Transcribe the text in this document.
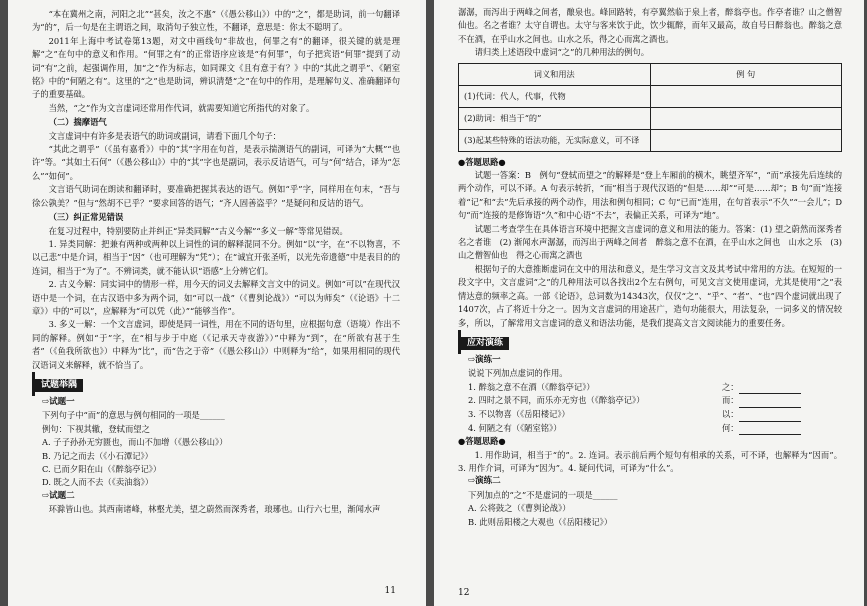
“本在冀州之南，河阳之北”“甚矣，汝之不惠”（《愚公移山》）中的“之”，都是助词，前一句翻译为“的”，后一句是在主谓语之间，取消句子独立性，不翻译，意思是：你太不聪明了。

2011年上海中考试卷第13题，对文中画线句“非故也，何罪之有”的翻译，很关键的就是理解“之”在句中的意义和作用。“何罪之有”的正常语序应该是“有何罪”，句子把宾语“何罪”提到了动词“有”之前，起强调作用，加“之”作为标志，如同课文《且有意于有？》中的“其此之谓乎”、《陋室铭》中的“何陋之有”。这里的“之”也是助词，辨识清楚“之”在句中的作用，是理解句义、准确翻译句子的重要基础。

当然，“之”作为文言虚词还常用作代词，就需要知道它所指代的对象了。

（二）揣摩语气

文言虚词中有许多是表语气的助词或副词，请看下面几个句子：

“其此之谓乎”（《虽有嘉肴》）中的“其”字用在句首，是表示揣测语气的副词，可译为“大概”“也许”等。“其如土石何”（《愚公移山》）中的“其”字也是副词，表示反诘语气，可与“何”结合，译为“怎么”“如何”。

文言语气助词在朗读和翻译时，要准确把握其表达的语气。例如“乎”字，同样用在句末，“吾与徐公孰美？”但与“然胡不已乎？”要求回答的语气；“齐人固善盗乎？”是疑问和反诘的语气。

（三）纠正常见错误

在复习过程中，特别要防止并纠正“异类同解”“古义今解”“多义一解”等常见错误。

1. 异类同解：把兼有两种或两种以上词性的词的解释混同不分。例如“以”字，在“不以物喜，不以己悲”中是介词，相当于“因”（也可理解为“凭”）；在“诚宜开张圣听，以光先帝遗德”中是表目的的连词，相当于“为了”。不辨词类，就不能认识“语感”上分辨它们。

2. 古义今解：同实词中的情形一样，用今天的词义去解释文言文中的词义。例如“可以”在现代汉语中是一个词，在古汉语中多为两个词，如“可以一战”（《曹刿论战》）“可以为师矣”（《论语》十二章》）中的“可以”，应解释为“可以凭（此）”“能够当作”。

3. 多义一解：一个文言虚词，即使是同一词性，用在不同的语句里，应根据句意（语境）作出不同的解释。例如“于”字，在“相与步于中庭（《记承天寺夜游》）”中释为“到”，在“所欲有甚于生者”（《鱼我所欲也》）中释为“比”，而“告之于帝”（《愚公移山》）中则释为“给”，如果用相同的现代汉语词义来解释，就不恰当了。

试题举隅

⇨试题一

下列句子中“而”的意思与例句相同的一项是______

例句：下视其辙，登轼而望之

A. 子子孙孙无穷匮也，而山不加增（《愚公移山》）

B. 乃记之而去（《小石潭记》）

C. 已而夕阳在山（《醉翁亭记》）

D. 既之人而不去（《卖油翁》）

⇨试题二

环滁皆山也。其西南诸峰，林壑尤美，望之蔚然而深秀者，琅琊也。山行六七里，渐闻水声

11

潺潺，而泻出于两峰之间者，酿泉也。峰回路转，有亭翼然临于泉上者，醉翁亭也。作亭者谁？山之僧智仙也。名之者谁？太守自谓也。太守与客来饮于此，饮少辄醉，而年又最高，故自号曰醉翁也。醉翁之意不在酒，在乎山水之间也。山水之乐，得之心而寓之酒也。

请归类上述语段中虚词“之”的几种用法的例句。

词义和用法	例 句
(1)代词：代人，代事，代物	
(2)助词：相当于“的”	
(3)起某些特殊的语法功能，无实际意义，可不译	

●答题思路●

试题一答案：B　例句“登轼而望之”的解释是“登上车厢前的横木，眺望齐军”，“而”承接先后连续的两个动作，可以不译。A 句表示转折，“而”相当于现代汉语的“但是……却”“可是……却”；B 句“而”连接着“记”和“去”先后承接的两个动作，用法和例句相同；C 句“已而”连用，在句首表示“不久”“一会儿”；D 句“而”连接的是修饰语“久”和中心语“不去”，表偏正关系，可译为“地”。

试题二考查学生在具体语言环境中把握文言虚词的意义和用法的能力。答案：(1) 望之蔚然而深秀者　名之者谁　(2) 渐闻水声潺潺，而泻出于两峰之间者　醉翁之意不在酒，在乎山水之间也　山水之乐　(3) 山之僧智仙也　得之心而寓之酒也

根据句子的大意推断虚词在文中的用法和意义，是生学习文言文及其考试中常用的方法。在短短的一段文字中，文言虚词“之”的几种用法可以各找出2个左右例句，可见文言文使用虚词，尤其是使用“之”表情达意的频率之高。一部《论语》，总词数为14343次，仅仅“之”、“乎”、“者”、“也”四个虚词就出现了1407次，占了将近十分之一。因为文言虚词的用途甚广，造句功能很大，用法复杂，一词多义的情况较多，所以，了解常用文言虚词的意义和语法功能，是我们提高文言文阅读能力的重要任务。

应对演练

⇨演练一

说说下列加点虚词的作用。

1. 醉翁之意不在酒（《醉翁亭记》）	之：
2. 四时之景不同，而乐亦无穷也（《醉翁亭记》）	而：
3. 不以物喜（《岳阳楼记》）	以：
4. 何陋之有（《陋室铭》）	何：

●答题思路●

1. 用作助词，相当于“的”。2. 连词。表示前后两个短句有相承的关系，可不译，也解释为“因而”。3. 用作介词，可译为“因为”。4. 疑问代词，可译为“什么”。

⇨演练二

下列加点的“之”不是虚词的一项是______

A. 公将鼓之（《曹刿论战》）

B. 此则岳阳楼之大观也（《岳阳楼记》）

12
